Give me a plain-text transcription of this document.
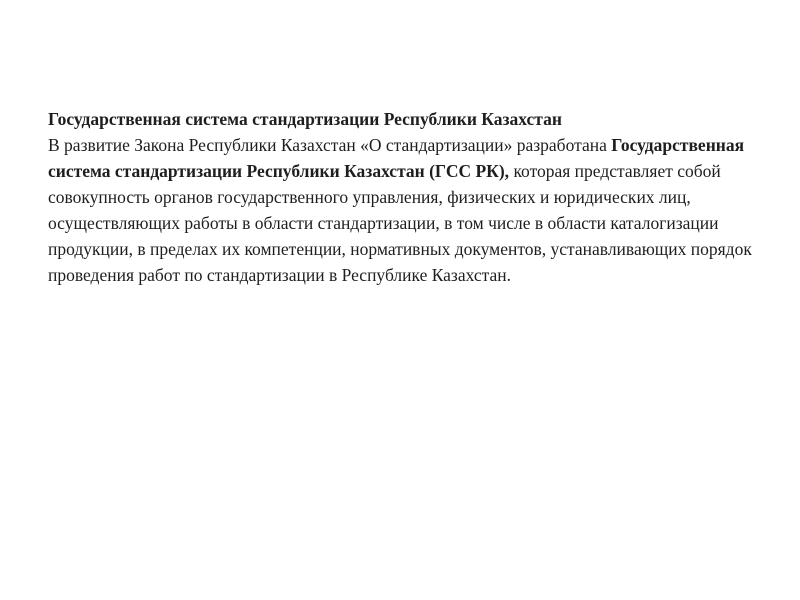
Государственная система стандартизации Республики Казахстан

В развитие Закона Республики Казахстан «О стандартизации» разработана Государственная система стандартизации Республики Казахстан (ГСС РК), которая представляет собой совокупность органов государственного управления, физических и юридических лиц, осуществляющих работы в области стандартизации, в том числе в области каталогизации продукции, в пределах их компетенции, нормативных документов, устанавливающих порядок проведения работ по стандартизации в Республике Казахстан.
